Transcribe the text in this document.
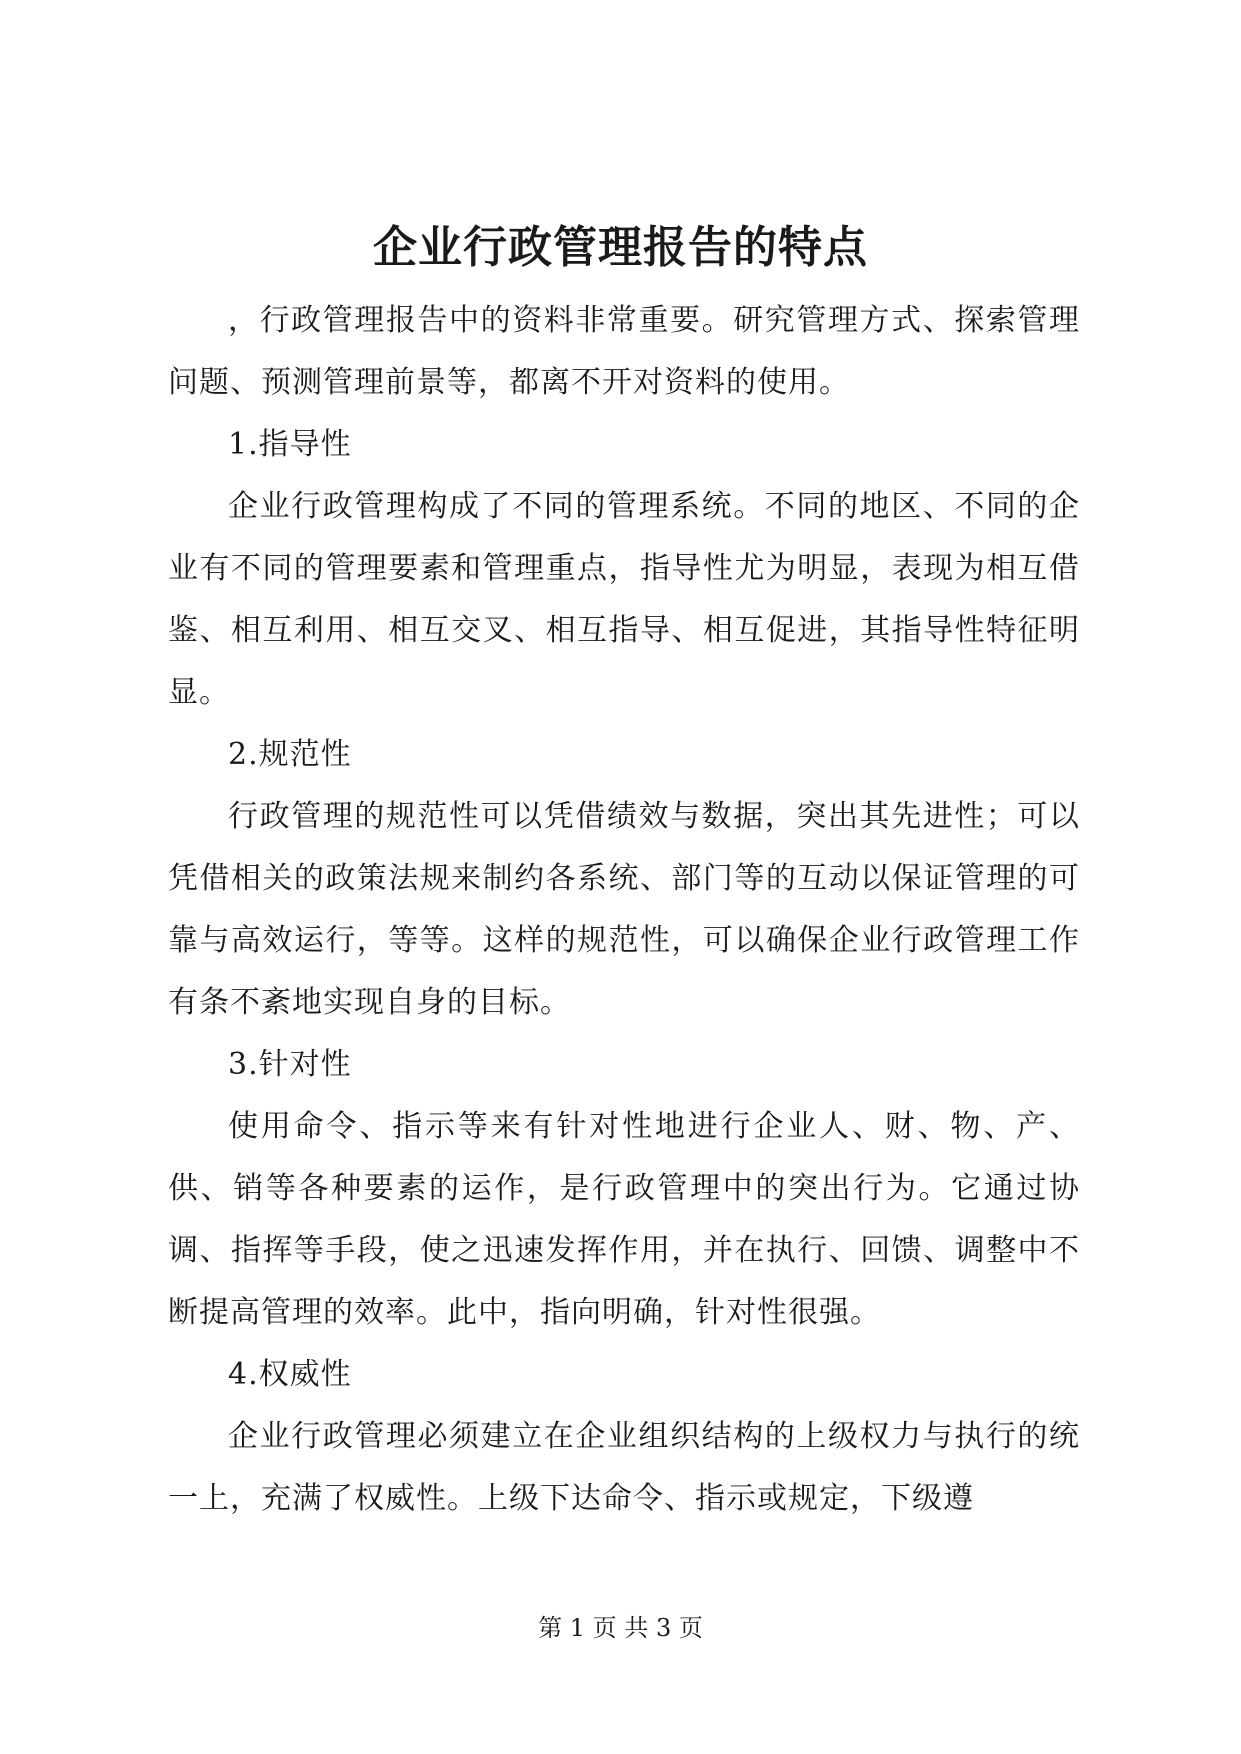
企业行政管理报告的特点

，行政管理报告中的资料非常重要。研究管理方式、探索管理问题、预测管理前景等，都离不开对资料的使用。

1.指导性

企业行政管理构成了不同的管理系统。不同的地区、不同的企业有不同的管理要素和管理重点，指导性尤为明显，表现为相互借鉴、相互利用、相互交叉、相互指导、相互促进，其指导性特征明显。

2.规范性

行政管理的规范性可以凭借绩效与数据，突出其先进性；可以凭借相关的政策法规来制约各系统、部门等的互动以保证管理的可靠与高效运行，等等。这样的规范性，可以确保企业行政管理工作有条不紊地实现自身的目标。

3.针对性

使用命令、指示等来有针对性地进行企业人、财、物、产、供、销等各种要素的运作，是行政管理中的突出行为。它通过协调、指挥等手段，使之迅速发挥作用，并在执行、回馈、调整中不断提高管理的效率。此中，指向明确，针对性很强。

4.权威性

企业行政管理必须建立在企业组织结构的上级权力与执行的统一上，充满了权威性。上级下达命令、指示或规定，下级遵

第 1 页 共 3 页
